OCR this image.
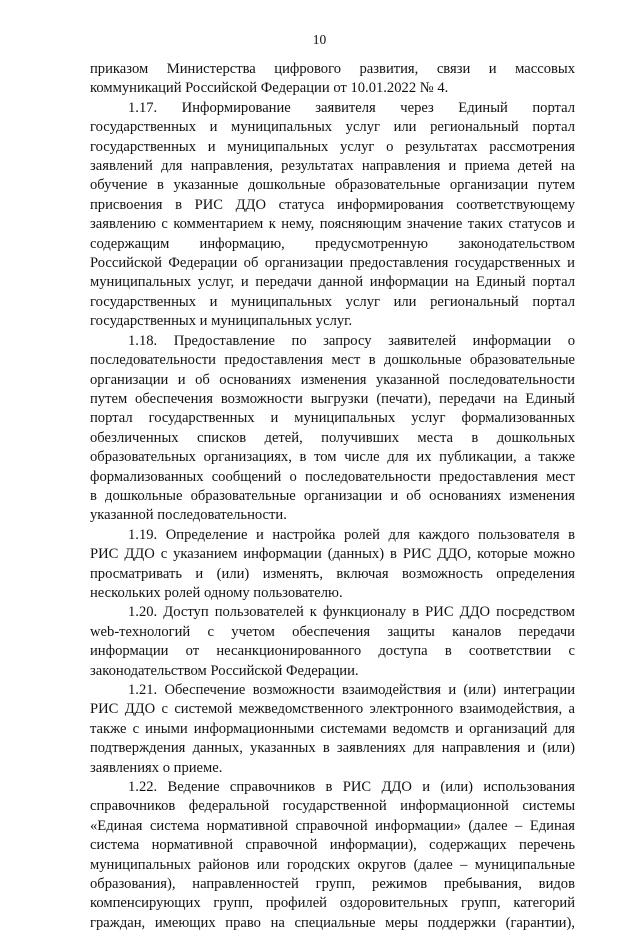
10

приказом Министерства цифрового развития, связи и массовых

коммуникаций Российской Федерации от 10.01.2022 № 4.

1.17. Информирование заявителя через Единый портал

государственных и муниципальных услуг или региональный портал

государственных и муниципальных услуг о результатах рассмотрения

заявлений для направления, результатах направления и приема детей на

обучение в указанные дошкольные образовательные организации путем

присвоения в РИС ДДО статуса информирования соответствующему

заявлению с комментарием к нему, поясняющим значение таких статусов и

содержащим информацию, предусмотренную законодательством

Российской Федерации об организации предоставления государственных и

муниципальных услуг, и передачи данной информации на Единый портал

государственных и муниципальных услуг или региональный портал

государственных и муниципальных услуг.

1.18. Предоставление по запросу заявителей информации о

последовательности предоставления мест в дошкольные образовательные

организации и об основаниях изменения указанной последовательности

путем обеспечения возможности выгрузки (печати), передачи на Единый

портал государственных и муниципальных услуг формализованных

обезличенных списков детей, получивших места в дошкольных

образовательных организациях, в том числе для их публикации, а также

формализованных сообщений о последовательности предоставления мест

в дошкольные образовательные организации и об основаниях изменения

указанной последовательности.

1.19. Определение и настройка ролей для каждого пользователя в

РИС ДДО с указанием информации (данных) в РИС ДДО, которые можно

просматривать и (или) изменять, включая возможность определения

нескольких ролей одному пользователю.

1.20. Доступ пользователей к функционалу в РИС ДДО посредством

web-технологий с учетом обеспечения защиты каналов передачи

информации от несанкционированного доступа в соответствии с

законодательством Российской Федерации.

1.21. Обеспечение возможности взаимодействия и (или) интеграции

РИС ДДО с системой межведомственного электронного взаимодействия, а

также с иными информационными системами ведомств и организаций для

подтверждения данных, указанных в заявлениях для направления и (или)

заявлениях о приеме.

1.22. Ведение справочников в РИС ДДО и (или) использования

справочников федеральной государственной информационной системы

«Единая система нормативной справочной информации» (далее – Единая

система нормативной справочной информации), содержащих перечень

муниципальных районов или городских округов (далее – муниципальные

образования), направленностей групп, режимов пребывания, видов

компенсирующих групп, профилей оздоровительных групп, категорий

граждан, имеющих право на специальные меры поддержки (гарантии),
